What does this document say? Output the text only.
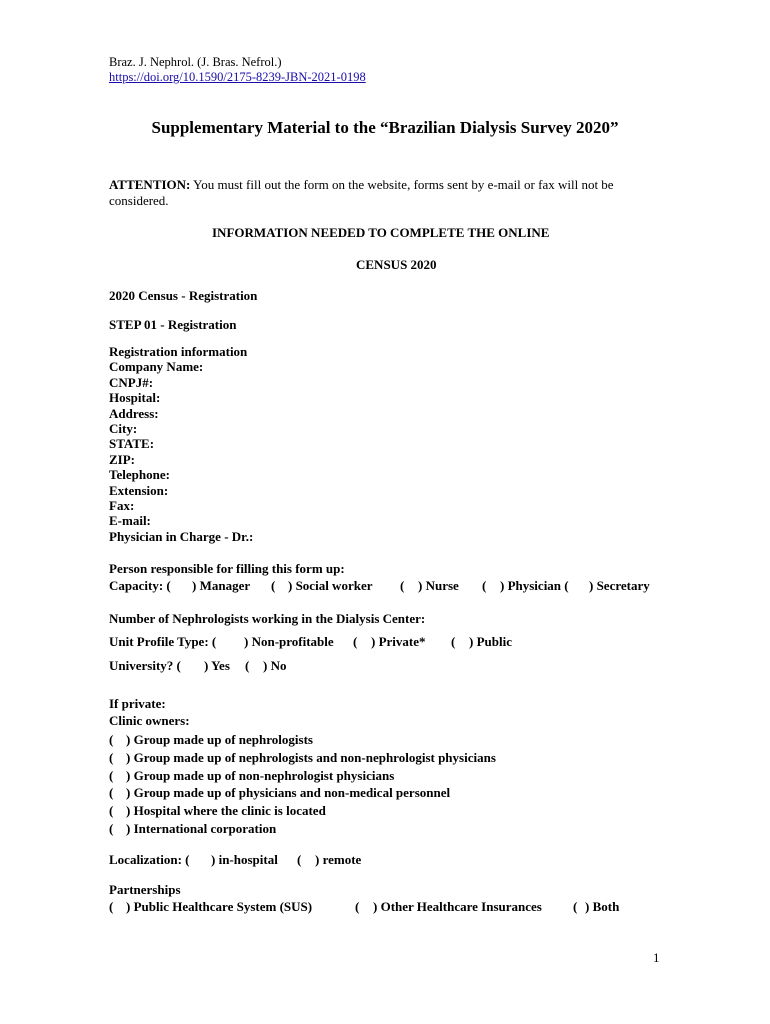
Braz. J. Nephrol. (J. Bras. Nefrol.)
https://doi.org/10.1590/2175-8239-JBN-2021-0198
Supplementary Material to the “Brazilian Dialysis Survey 2020”
ATTENTION: You must fill out the form on the website, forms sent by e-mail or fax will not be
considered.
INFORMATION NEEDED TO COMPLETE THE ONLINE
CENSUS 2020
2020 Census - Registration
STEP 01 - Registration
Registration information
Company Name:
CNPJ#:
Hospital:
Address:
City:
STATE:
ZIP:
Telephone:
Extension:
Fax:
E-mail:
Physician in Charge - Dr.:
Person responsible for filling this form up:
Capacity: ( ) Manager ( ) Social worker ( ) Nurse ( ) Physician ( ) Secretary
Number of Nephrologists working in the Dialysis Center:
Unit Profile Type: ( ) Non-profitable ( ) Private* ( ) Public
University? ( ) Yes ( ) No
If private:
Clinic owners:
( ) Group made up of nephrologists
( ) Group made up of nephrologists and non-nephrologist physicians
( ) Group made up of non-nephrologist physicians
( ) Group made up of physicians and non-medical personnel
( ) Hospital where the clinic is located
( ) International corporation
Localization: ( ) in-hospital ( ) remote
Partnerships
( ) Public Healthcare System (SUS)	( ) Other Healthcare Insurances ( ) Both
1
